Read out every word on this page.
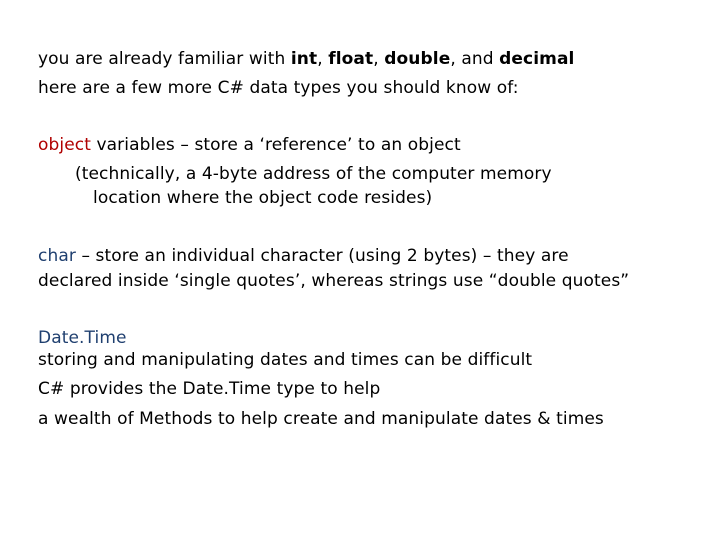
you are already familiar with int, float, double, and decimal
here are a few more C# data types you should know of:
object variables – store a ‘reference’ to an object
(technically, a 4-byte address of the computer memory
location where the object code resides)
char – store an individual character (using 2 bytes) – they are
declared inside ‘single quotes’, whereas strings use “double quotes”
Date.Time
storing and manipulating dates and times can be difficult
C# provides the Date.Time type to help
a wealth of Methods to help create and manipulate dates & times
